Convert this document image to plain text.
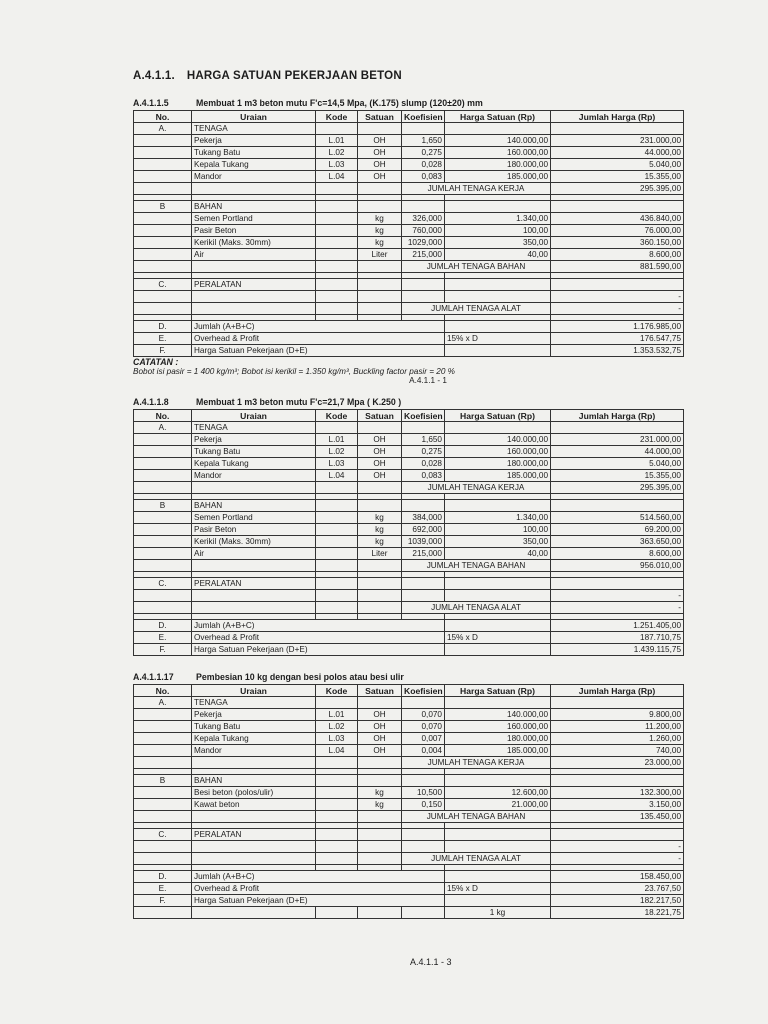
A.4.1.1. HARGA SATUAN PEKERJAAN BETON
A.4.1.1.5	Membuat 1 m3 beton mutu F'c=14,5 Mpa, (K.175) slump (120±20) mm
No.	Uraian	Kode	Satuan	Koefisien	Harga Satuan (Rp)	Jumlah Harga (Rp)
A.	TENAGA					
	Pekerja	L.01	OH	1,650	140.000,00	231.000,00
	Tukang Batu	L.02	OH	0,275	160.000,00	44.000,00
	Kepala Tukang	L.03	OH	0,028	180.000,00	5.040,00
	Mandor	L.04	OH	0,083	185.000,00	15.355,00
				JUMLAH TENAGA KERJA		295.395,00

B	BAHAN					
	Semen Portland		kg	326,000	1.340,00	436.840,00
	Pasir Beton		kg	760,000	100,00	76.000,00
	Kerikil (Maks. 30mm)		kg	1029,000	350,00	360.150,00
	Air		Liter	215,000	40,00	8.600,00
				JUMLAH TENAGA BAHAN		881.590,00

C.	PERALATAN					
						-
				JUMLAH TENAGA ALAT		-

D.	Jumlah (A+B+C)					1.176.985,00
E.	Overhead & Profit				15% x D	176.547,75
F.	Harga Satuan Pekerjaan (D+E)					1.353.532,75
CATATAN :
Bobot isi pasir = 1 400 kg/m³; Bobot isi kerikil = 1.350 kg/m³, Buckling factor pasir = 20 %
A.4.1.1 - 1
A.4.1.1.8	Membuat 1 m3 beton mutu F'c=21,7 Mpa ( K.250 )
No.	Uraian	Kode	Satuan	Koefisien	Harga Satuan (Rp)	Jumlah Harga (Rp)
A.	TENAGA					
	Pekerja	L.01	OH	1,650	140.000,00	231.000,00
	Tukang Batu	L.02	OH	0,275	160.000,00	44.000,00
	Kepala Tukang	L.03	OH	0,028	180.000,00	5.040,00
	Mandor	L.04	OH	0,083	185.000,00	15.355,00
				JUMLAH TENAGA KERJA		295.395,00

B	BAHAN					
	Semen Portland		kg	384,000	1.340,00	514.560,00
	Pasir Beton		kg	692,000	100,00	69.200,00
	Kerikil (Maks. 30mm)		kg	1039,000	350,00	363.650,00
	Air		Liter	215,000	40,00	8.600,00
				JUMLAH TENAGA BAHAN		956.010,00

C.	PERALATAN					
						-
				JUMLAH TENAGA ALAT		-

D.	Jumlah (A+B+C)					1.251.405,00
E.	Overhead & Profit				15% x D	187.710,75
F.	Harga Satuan Pekerjaan (D+E)					1.439.115,75
A.4.1.1.17	Pembesian 10 kg dengan besi polos atau besi ulir
No.	Uraian	Kode	Satuan	Koefisien	Harga Satuan (Rp)	Jumlah Harga (Rp)
A.	TENAGA					
	Pekerja	L.01	OH	0,070	140.000,00	9.800,00
	Tukang Batu	L.02	OH	0,070	160.000,00	11.200,00
	Kepala Tukang	L.03	OH	0,007	180.000,00	1.260,00
	Mandor	L.04	OH	0,004	185.000,00	740,00
				JUMLAH TENAGA KERJA		23.000,00

B	BAHAN					
	Besi beton (polos/ulir)		kg	10,500	12.600,00	132.300,00
	Kawat beton		kg	0,150	21.000,00	3.150,00
				JUMLAH TENAGA BAHAN		135.450,00

C.	PERALATAN					
						-
				JUMLAH TENAGA ALAT		-

D.	Jumlah (A+B+C)					158.450,00
E.	Overhead & Profit				15% x D	23.767,50
F.	Harga Satuan Pekerjaan (D+E)					182.217,50
					1 kg	18.221,75
A.4.1.1 - 3
